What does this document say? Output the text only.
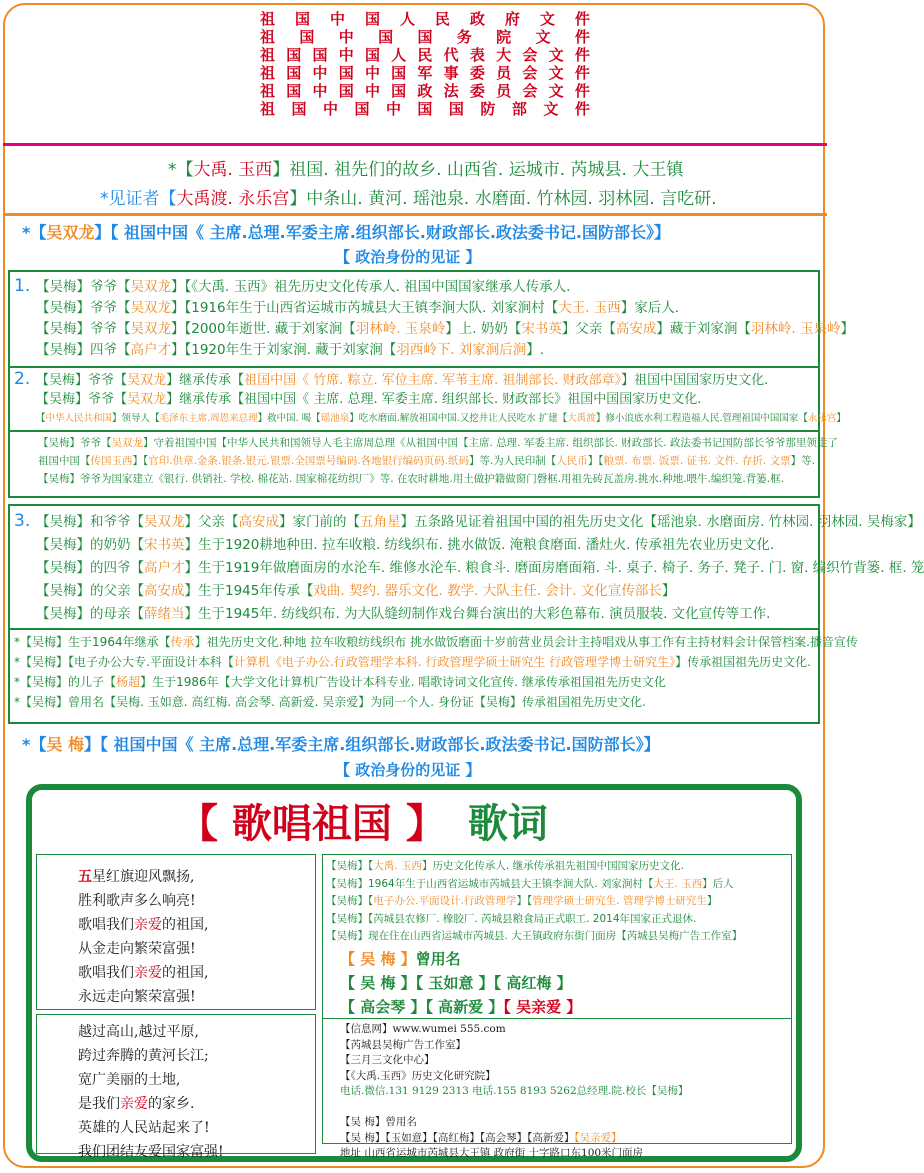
祖 国 中 国 人 民 政 府 文 件
祖 国 中 国 国 务 院 文 件
祖 国 国 中 国 人 民 代 表 大 会 文 件
祖 国 中 国 中 国 军 事 委 员 会 文 件
祖 国 中 国 中 国 政 法 委 员 会 文 件
祖 国 中 国 中 国 国 防 部 文 件
祖 祖 祖 祖 祖 祖 国 国 国 国 国 国 中 国 国 国 国 国 国 中 中 中 中 中 人 国 国 国 国 国 民 人 军 政 组 财 政 务 事 法 织 政 府 员 委 防 部 部 文 院 会 部 部 文 件 文 文 文 文 件 件 件 件 件
*【大禹. 玉西】祖国. 祖先们的故乡. 山西省. 运城市. 芮城县. 大王镇
*见证者【大禹渡. 永乐宫】中条山. 黄河. 瑶池泉. 水磨面. 竹林园. 羽林园. 言吃研.
*【吴双龙】【 祖国中国《 主席.总理.军委主席.组织部长.财政部长.政法委书记.国防部长》】
【 政治身份的见证 】
1. 【吴梅】爷爷【吴双龙】【《大禹. 玉西》祖先历史文化传承人. 祖国中国国家继承人传承人.
【吴梅】爷爷【吴双龙】【1916年生于山西省运城市芮城县大王镇李涧大队. 刘家涧村【大王. 玉西】家后人.
【吴梅】爷爷【吴双龙】【2000年逝世. 藏于刘家涧【羽林岭. 玉泉岭】上. 奶奶【宋书英】父亲【高安成】藏于刘家涧【羽林岭. 玉泉岭】
【吴梅】四爷【高户才】【1920年生于刘家涧. 藏于刘家涧【羽西岭下. 刘家涧后涧】.
2. 【吴梅】爷爷【吴双龙】继承传承【祖国中国《 竹席. 粽立. 军位主席. 军苇主席. 祖制部长. 财政部章》】祖国中国国家历史文化.
【吴梅】爷爷【吴双龙】继承传承【祖国中国《 主席. 总理. 军委主席. 组织部长. 财政部长》祖国中国国家历史文化.
【中华人民共和国】领导人【毛泽东主席.周恩来总理】救中国. 喝【瑶池泉】吃水磨面.解放祖国中国.又挖井让人民吃水 扩建【大禹渡】修小浪底水利工程造福人民.管理祖国中国国家【永乐宫】
【吴梅】爷爷【吴双龙】守着祖国中国【中华人民共和国领导人毛主席周总理《从祖国中国【主席. 总理. 军委主席. 组织部长. 财政部长. 政法委书记国防部长爷爷那里领走了
祖国中国【传国玉西】【官印.供章.金条.银条.银元.银票.全国票号编码.各地银行编码页码.纸码】等.为人民印制【人民币】【粮票. 布票. 饭票. 证书. 文件. 存折. 文票】等.
【吴梅】爷爷为国家建立《银行. 供销社. 学校. 棉花站. 国家棉花纺织厂》等. 在农时耕地.用土做护籍做窗门磬框.用祖先砖瓦盖房.挑水.种地.喂牛.编织笼.背篓.框.
3. 【吴梅】和爷爷【吴双龙】父亲【高安成】家门前的【五角星】五条路见证着祖国中国的祖先历史文化【瑶池泉. 水磨面房. 竹林园. 羽林园. 吴梅家】
【吴梅】的奶奶【宋书英】生于1920耕地种田. 拉车收粮. 纺线织布. 挑水做饭. 淹粮食磨面. 潘灶火. 传承祖先农业历史文化.
【吴梅】的四爷【高户才】生于1919年做磨面房的水沦车. 维修水沦车. 粮食斗. 磨面房磨面箱. 斗. 桌子. 椅子. 务子. 凳子. 门. 窗. 编织竹背篓. 框. 笼
【吴梅】的父亲【高安成】生于1945年传承【戏曲. 契约. 器乐文化. 教学. 大队主任. 会计. 文化宣传部长】
【吴梅】的母亲【薛绪当】生于1945年. 纺线织布. 为大队缝纫制作戏台舞台演出的大彩色幕布. 演员服装. 文化宣传等工作.
*【吴梅】生于1964年继承【传承】祖先历史文化.种地 拉车收粮纺线织布 挑水做饭磨面十岁前营业员会计主持唱戏从事工作有主持材料会计保管档案.播音宣传
*【吴梅】【电子办公大专.平面设计本科【计算机《电子办公.行政管理学本科. 行政管理学硕士研究生 行政管理学博士研究生》】传承祖国祖先历史文化.
*【吴梅】的儿子【杨超】生于1986年【大学文化计算机广告设计本科专业. 唱歌诗词文化宣传. 继承传承祖国祖先历史文化
*【吴梅】曾用名【吴梅. 玉如意. 高红梅. 高会琴. 高新爱. 吴亲爱】为同一个人. 身份证【吴梅】传承祖国祖先历史文化.
*【吴 梅】【 祖国中国《 主席.总理.军委主席.组织部长.财政部长.政法委书记.国防部长》】
【 政治身份的见证 】
【 歌唱祖国 】 歌词
五星红旗迎风飘扬,
胜利歌声多么响亮!
歌唱我们亲爱的祖国,
从金走向繁荣富强!
歌唱我们亲爱的祖国,
永远走向繁荣富强!
越过高山,越过平原,
跨过奔腾的黄河长江;
宽广美丽的土地,
是我们亲爱的家乡.
英雄的人民站起来了!
我们团结友爱国家富强!
【吴梅】【大禹. 玉西】历史文化传承人. 继承传承祖先祖国中国国家历史文化.
【吴梅】1964年生于山西省运城市芮城县大王镇李涧大队. 刘家涧村【大王. 玉西】后人
【吴梅】【电子办公.平面设计.行政管理学】【管理学硕士研究生. 管理学博士研究生】
【吴梅】【芮城县农修厂. 橡胶厂. 芮城县粮食局正式职工. 2014年国家正式退休.
【吴梅】现在住在山西省运城市芮城县. 大王镇政府东街门面房【芮城县吴梅广告工作室】
【 吴 梅 】曾用名
【 吴 梅 】【 玉如意 】【 高红梅 】
【 高会琴 】【 高新爱 】【 吴亲爱 】
【信息网】www.wumei 555.com
【芮城县吴梅广告工作室】
【三月三文化中心】
【《大禹.玉西》历史文化研究院】
电话.微信.131 9129 2313 电话.155 8193 5262总经理.院.校长【吴梅】

【吴 梅】曾用名
【吴 梅】【玉如意】【高红梅】【高会琴】【高新爱】【吴亲爱】
地址 山西省运城市芮城县大王镇 政府街 十字路口东100米门面房
